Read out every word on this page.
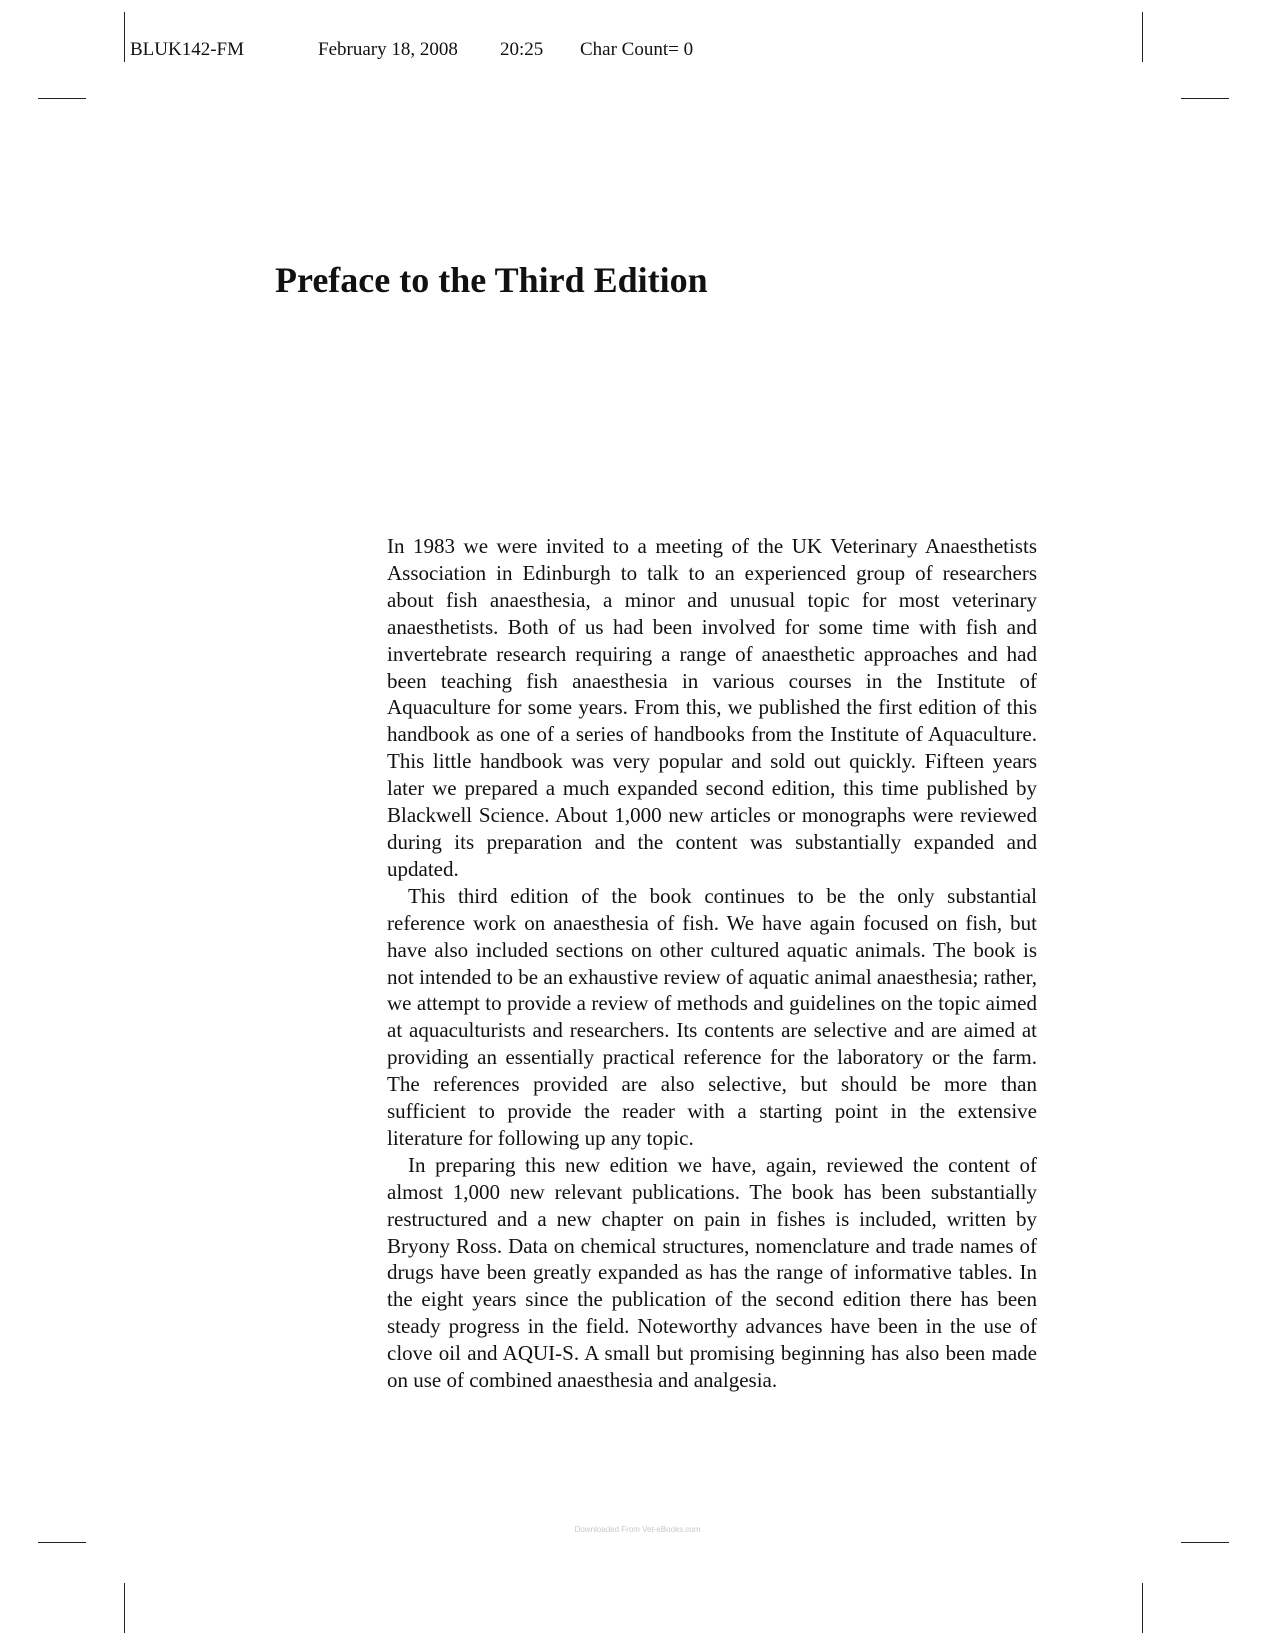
BLUK142-FM	February 18, 2008 20:25 Char Count= 0
Preface to the Third Edition

In 1983 we were invited to a meeting of the UK Veterinary Anaesthetists Association in Edinburgh to talk to an experienced group of researchers about fish anaesthesia, a minor and unusual topic for most veterinary anaesthetists. Both of us had been involved for some time with fish and invertebrate research requiring a range of anaesthetic approaches and had been teaching fish anaesthesia in various courses in the Institute of Aquaculture for some years. From this, we published the first edition of this handbook as one of a series of handbooks from the Institute of Aquaculture. This little handbook was very popular and sold out quickly. Fifteen years later we prepared a much expanded second edition, this time published by Blackwell Science. About 1,000 new articles or monographs were reviewed during its preparation and the content was substantially expanded and updated.

This third edition of the book continues to be the only substantial reference work on anaesthesia of fish. We have again focused on fish, but have also included sections on other cultured aquatic animals. The book is not intended to be an exhaustive review of aquatic animal anaesthesia; rather, we attempt to provide a review of methods and guidelines on the topic aimed at aquaculturists and researchers. Its contents are selective and are aimed at providing an essentially practical reference for the laboratory or the farm. The references provided are also selective, but should be more than sufficient to provide the reader with a starting point in the extensive literature for following up any topic.

In preparing this new edition we have, again, reviewed the content of almost 1,000 new relevant publications. The book has been substantially restructured and a new chapter on pain in fishes is included, written by Bryony Ross. Data on chemical structures, nomenclature and trade names of drugs have been greatly expanded as has the range of informative tables. In the eight years since the publication of the second edition there has been steady progress in the field. Noteworthy advances have been in the use of clove oil and AQUI-S. A small but promising beginning has also been made on use of combined anaesthesia and analgesia.

Downloaded From Vet-eBooks.com
